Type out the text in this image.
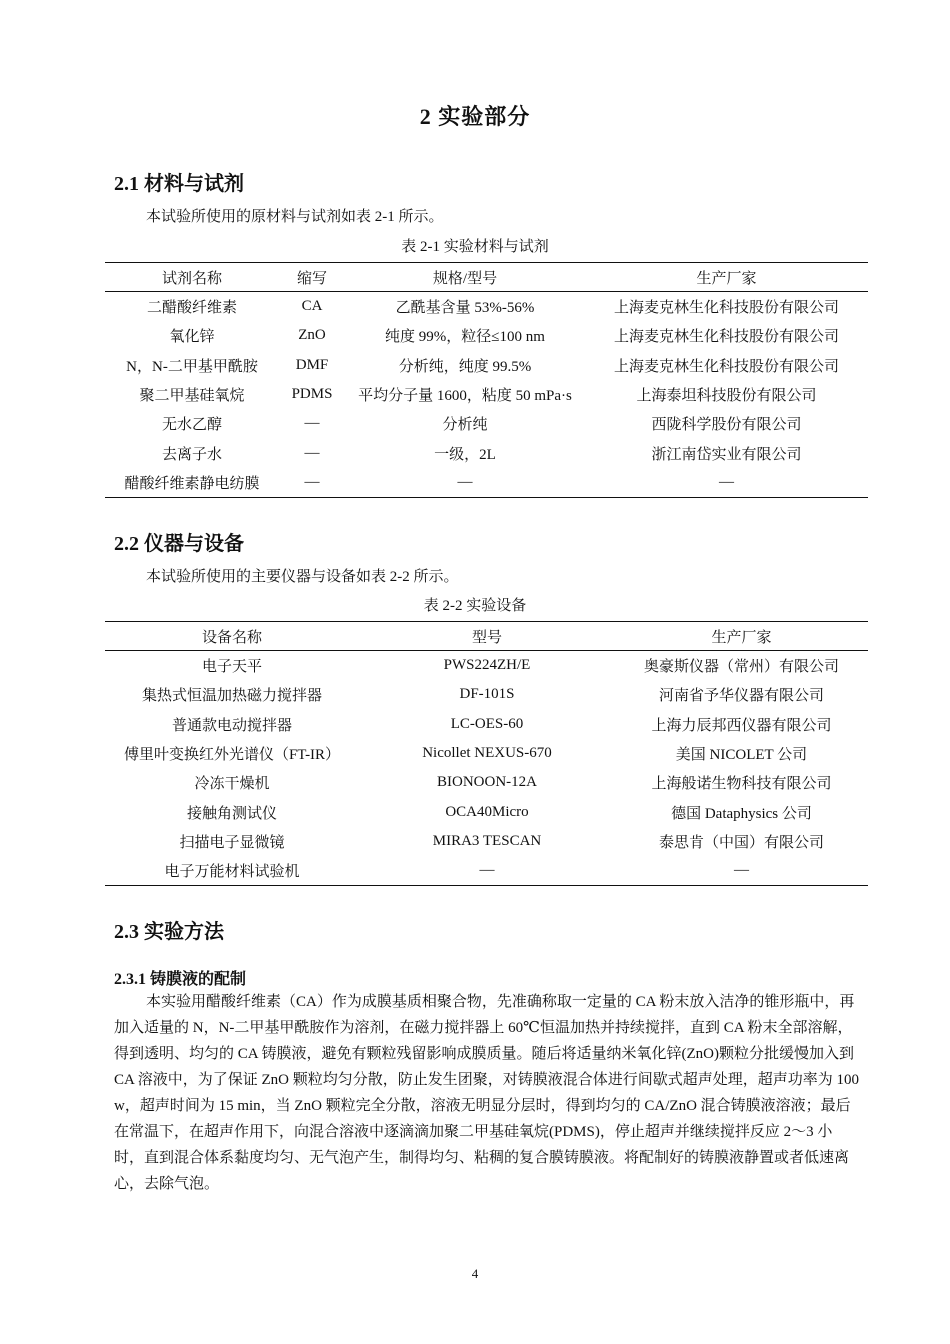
2 实验部分
2.1 材料与试剂
本试验所使用的原材料与试剂如表 2-1 所示。
表 2-1 实验材料与试剂
试剂名称	缩写	规格/型号	生产厂家
二醋酸纤维素	CA	乙酰基含量 53%-56%	上海麦克林生化科技股份有限公司
氧化锌	ZnO	纯度 99%，粒径≤100 nm	上海麦克林生化科技股份有限公司
N，N-二甲基甲酰胺	DMF	分析纯，纯度 99.5%	上海麦克林生化科技股份有限公司
聚二甲基硅氧烷	PDMS	平均分子量 1600，粘度 50 mPa·s	上海泰坦科技股份有限公司
无水乙醇	—	分析纯	西陇科学股份有限公司
去离子水	—	一级，2L	浙江南岱实业有限公司
醋酸纤维素静电纺膜	—	—	—
2.2 仪器与设备
本试验所使用的主要仪器与设备如表 2-2 所示。
表 2-2 实验设备
设备名称	型号	生产厂家
电子天平	PWS224ZH/E	奥豪斯仪器（常州）有限公司
集热式恒温加热磁力搅拌器	DF-101S	河南省予华仪器有限公司
普通款电动搅拌器	LC-OES-60	上海力辰邦西仪器有限公司
傅里叶变换红外光谱仪（FT-IR）	Nicollet NEXUS-670	美国 NICOLET 公司
冷冻干燥机	BIONOON-12A	上海般诺生物科技有限公司
接触角测试仪	OCA40Micro	德国 Dataphysics 公司
扫描电子显微镜	MIRA3 TESCAN	泰思肯（中国）有限公司
电子万能材料试验机	—	—
2.3 实验方法
2.3.1 铸膜液的配制
本实验用醋酸纤维素（CA）作为成膜基质相聚合物，先准确称取一定量的 CA 粉末放入洁净的锥形瓶中，再加入适量的 N，N-二甲基甲酰胺作为溶剂，在磁力搅拌器上 60℃恒温加热并持续搅拌，直到 CA 粉末全部溶解，得到透明、均匀的 CA 铸膜液，避免有颗粒残留影响成膜质量。随后将适量纳米氧化锌(ZnO)颗粒分批缓慢加入到 CA 溶液中，为了保证 ZnO 颗粒均匀分散，防止发生团聚，对铸膜液混合体进行间歇式超声处理，超声功率为 100 w，超声时间为 15 min，当 ZnO 颗粒完全分散，溶液无明显分层时，得到均匀的 CA/ZnO 混合铸膜液溶液；最后在常温下，在超声作用下，向混合溶液中逐滴滴加聚二甲基硅氧烷(PDMS)，停止超声并继续搅拌反应 2～3 小时，直到混合体系黏度均匀、无气泡产生，制得均匀、粘稠的复合膜铸膜液。将配制好的铸膜液静置或者低速离心，去除气泡。
4
